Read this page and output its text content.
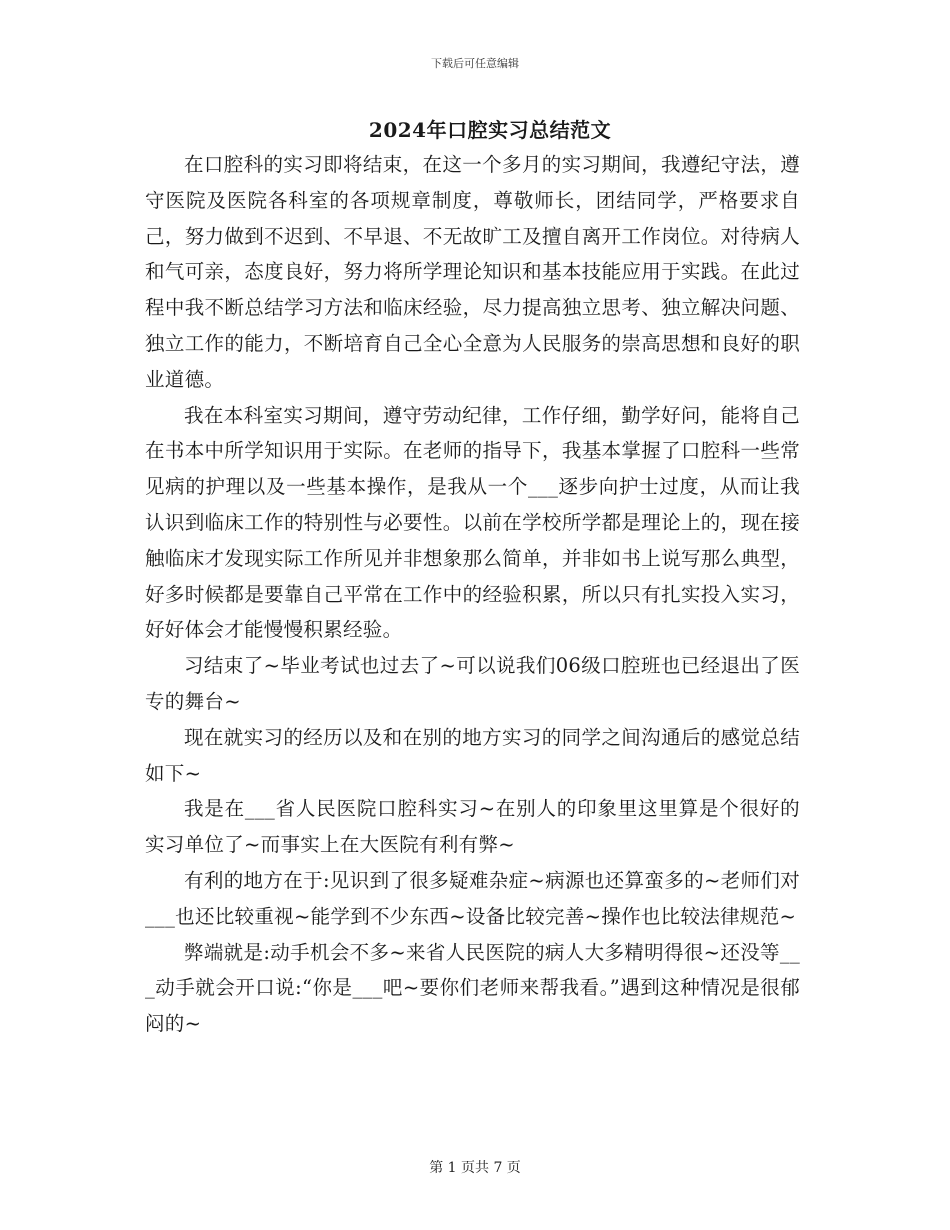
下载后可任意编辑
2024年口腔实习总结范文

在口腔科的实习即将结束，在这一个多月的实习期间，我遵纪守法，遵守医院及医院各科室的各项规章制度，尊敬师长，团结同学，严格要求自己，努力做到不迟到、不早退、不无故旷工及擅自离开工作岗位。对待病人和气可亲，态度良好，努力将所学理论知识和基本技能应用于实践。在此过程中我不断总结学习方法和临床经验，尽力提高独立思考、独立解决问题、独立工作的能力，不断培育自己全心全意为人民服务的崇高思想和良好的职业道德。

我在本科室实习期间，遵守劳动纪律，工作仔细，勤学好问，能将自己在书本中所学知识用于实际。在老师的指导下，我基本掌握了口腔科一些常见病的护理以及一些基本操作，是我从一个___逐步向护士过度，从而让我认识到临床工作的特别性与必要性。以前在学校所学都是理论上的，现在接触临床才发现实际工作所见并非想象那么简单，并非如书上说写那么典型，好多时候都是要靠自己平常在工作中的经验积累，所以只有扎实投入实习，好好体会才能慢慢积累经验。

习结束了~毕业考试也过去了~可以说我们06级口腔班也已经退出了医专的舞台~

现在就实习的经历以及和在别的地方实习的同学之间沟通后的感觉总结如下~

我是在___省人民医院口腔科实习~在别人的印象里这里算是个很好的实习单位了~而事实上在大医院有利有弊~

有利的地方在于:见识到了很多疑难杂症~病源也还算蛮多的~老师们对___也还比较重视~能学到不少东西~设备比较完善~操作也比较法律规范~

弊端就是:动手机会不多~来省人民医院的病人大多精明得很~还没等___动手就会开口说:“你是___吧~要你们老师来帮我看。”遇到这种情况是很郁闷的~

第 1 页共 7 页
